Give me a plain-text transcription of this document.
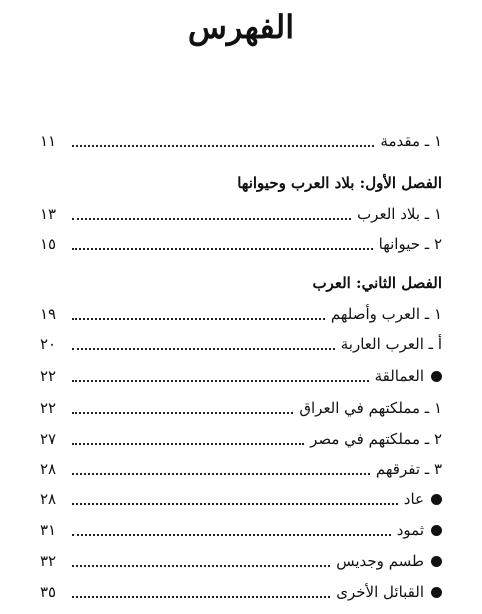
الفهرس
١ ـ مقدمة
١١
الفصل الأول: بلاد العرب وحيوانها
١ ـ بلاد العرب
١٣
٢ ـ حيوانها
١٥
الفصل الثاني: العرب
١ ـ العرب وأصلهم
١٩
أ ـ العرب العاربة
٢٠
العمالقة
٢٢
١ ـ مملكتهم في العراق
٢٢
٢ ـ مملكتهم في مصر
٢٧
٣ ـ تفرقهم
٢٨
عاد
٢٨
ثمود
٣١
طسم وجديس
٣٢
القبائل الأخرى
٣٥
